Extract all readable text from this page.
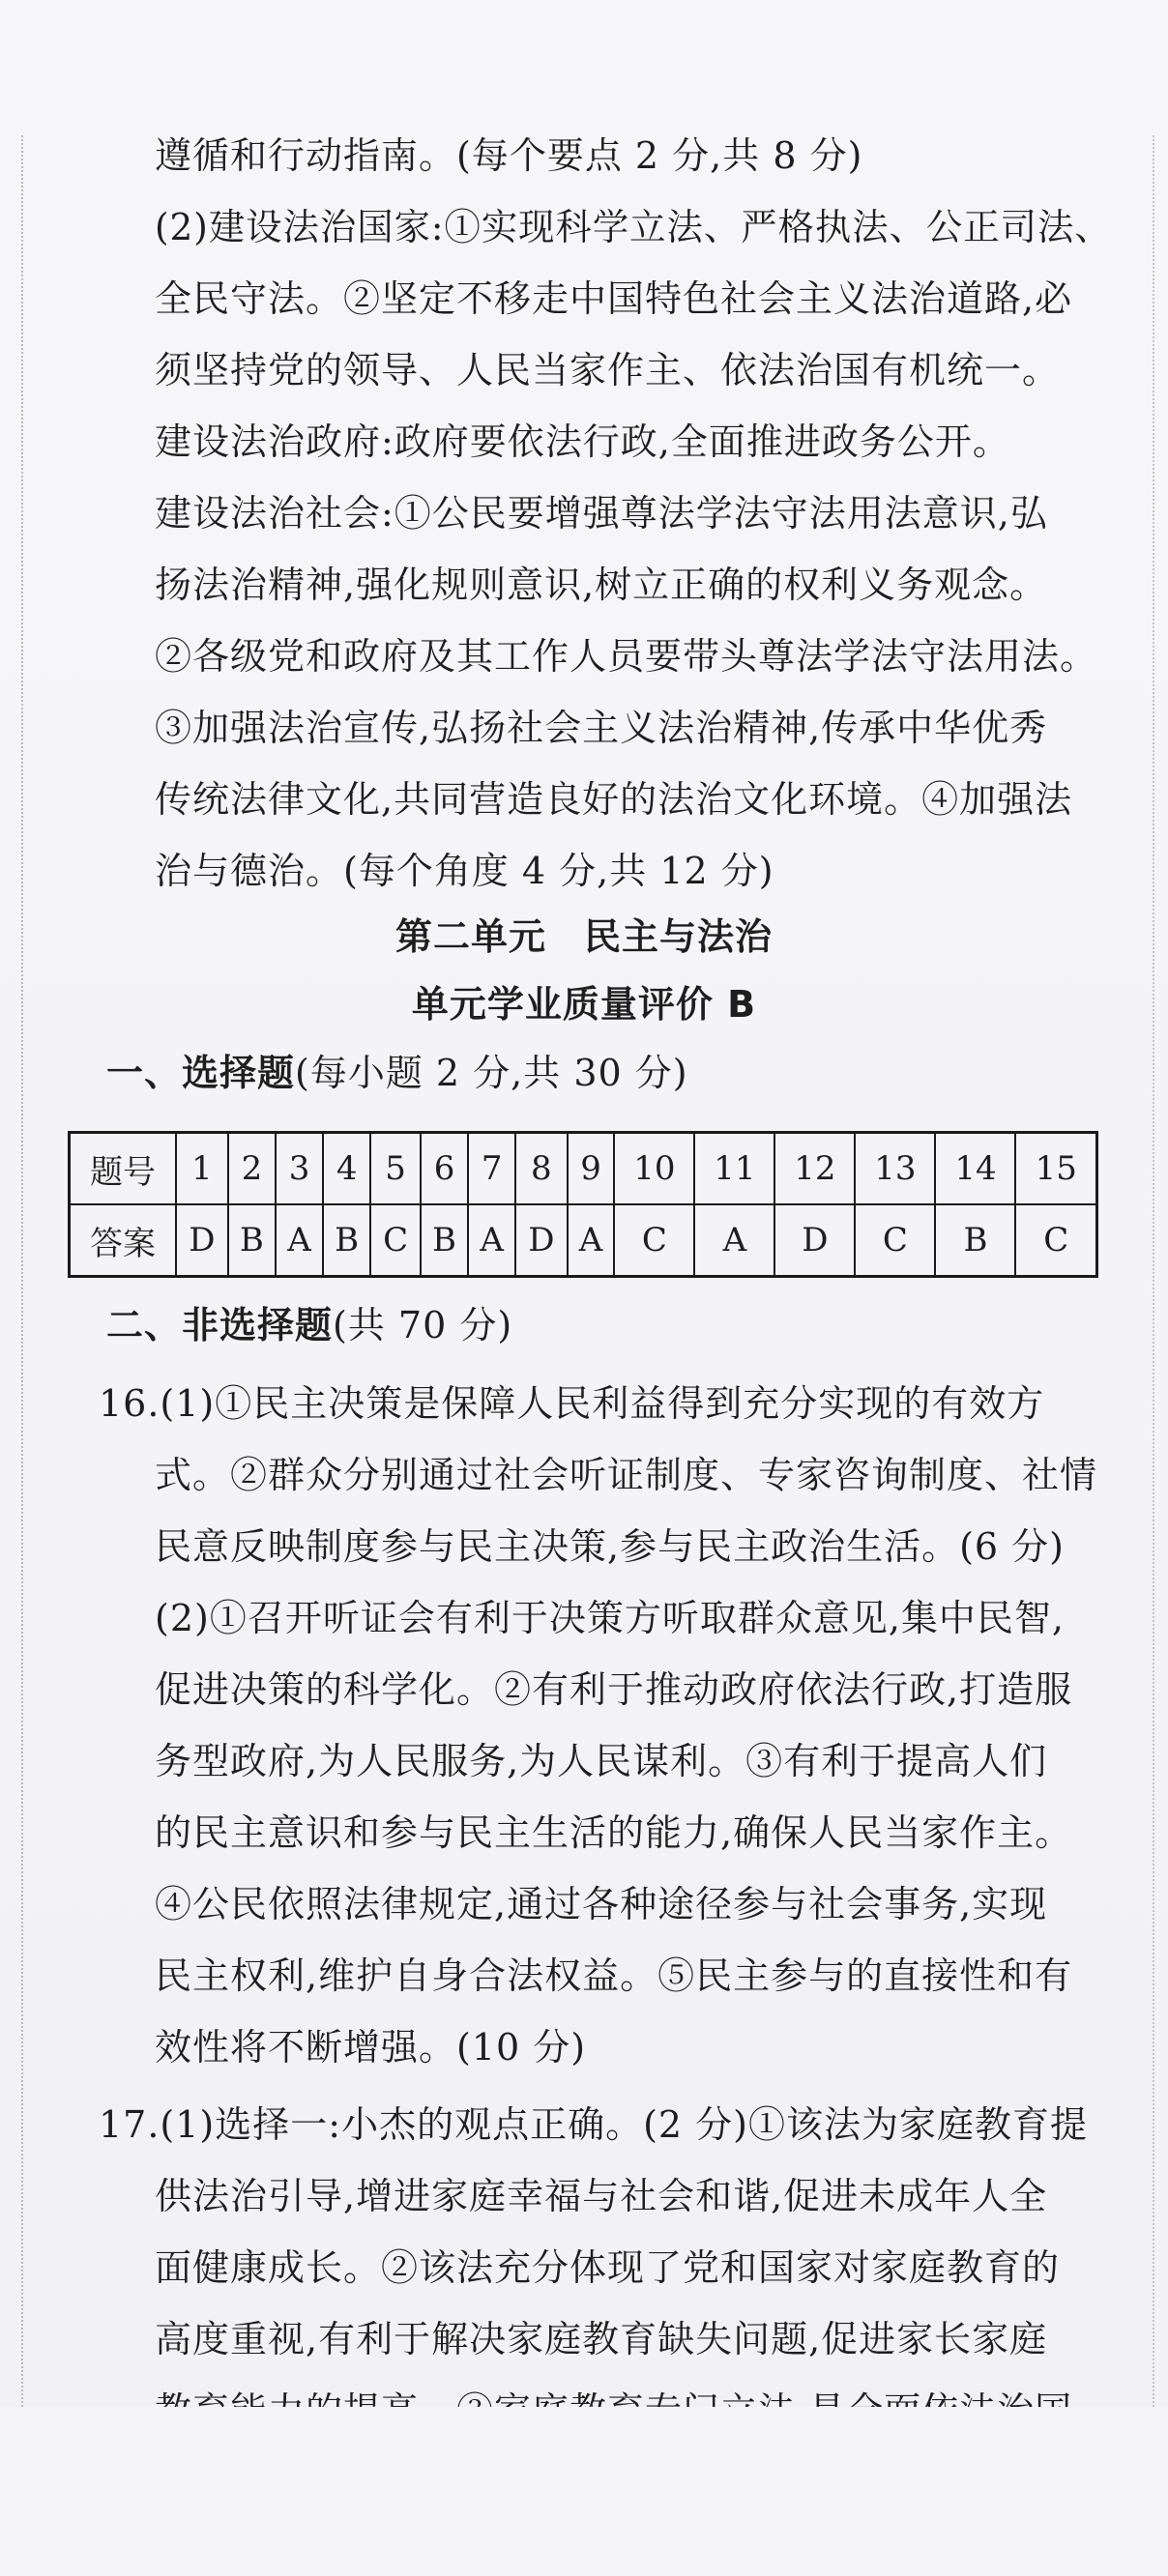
遵循和行动指南。(每个要点 2 分,共 8 分)
(2)建设法治国家:①实现科学立法、严格执法、公正司法、
全民守法。②坚定不移走中国特色社会主义法治道路,必
须坚持党的领导、人民当家作主、依法治国有机统一。
建设法治政府:政府要依法行政,全面推进政务公开。
建设法治社会:①公民要增强尊法学法守法用法意识,弘
扬法治精神,强化规则意识,树立正确的权利义务观念。
②各级党和政府及其工作人员要带头尊法学法守法用法。
③加强法治宣传,弘扬社会主义法治精神,传承中华优秀
传统法律文化,共同营造良好的法治文化环境。④加强法
治与德治。(每个角度 4 分,共 12 分)
第二单元　民主与法治
单元学业质量评价 B
一、选择题(每小题 2 分,共 30 分)
题号	1	2	3	4	5	6	7	8	9	10	11	12	13	14	15
答案	D	B	A	B	C	B	A	D	A	C	A	D	C	B	C
二、非选择题(共 70 分)
16.(1)①民主决策是保障人民利益得到充分实现的有效方
式。②群众分别通过社会听证制度、专家咨询制度、社情
民意反映制度参与民主决策,参与民主政治生活。(6 分)
(2)①召开听证会有利于决策方听取群众意见,集中民智,
促进决策的科学化。②有利于推动政府依法行政,打造服
务型政府,为人民服务,为人民谋利。③有利于提高人们
的民主意识和参与民主生活的能力,确保人民当家作主。
④公民依照法律规定,通过各种途径参与社会事务,实现
民主权利,维护自身合法权益。⑤民主参与的直接性和有
效性将不断增强。(10 分)
17.(1)选择一:小杰的观点正确。(2 分)①该法为家庭教育提
供法治引导,增进家庭幸福与社会和谐,促进未成年人全
面健康成长。②该法充分体现了党和国家对家庭教育的
高度重视,有利于解决家庭教育缺失问题,促进家长家庭
